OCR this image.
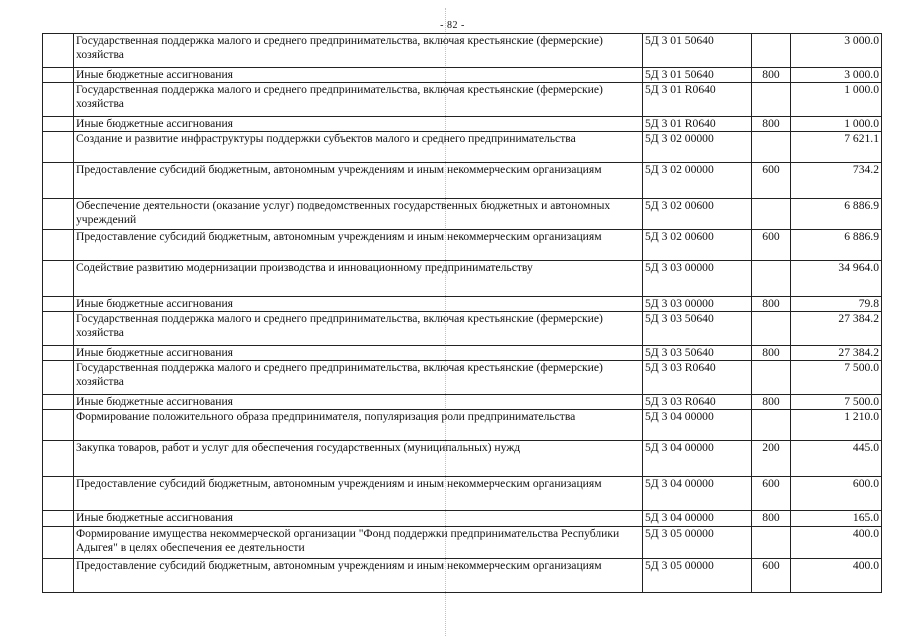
- 82 -
	Государственная поддержка малого и среднего предпринимательства, включая крестьянские (фермерские) хозяйства	5Д 3 01 50640		3 000.0
	Иные бюджетные ассигнования	5Д 3 01 50640	800	3 000.0
	Государственная поддержка малого и среднего предпринимательства, включая крестьянские (фермерские) хозяйства	5Д 3 01 R0640		1 000.0
	Иные бюджетные ассигнования	5Д 3 01 R0640	800	1 000.0
	Создание и развитие инфраструктуры поддержки субъектов малого и среднего предпринимательства	5Д 3 02 00000		7 621.1
	Предоставление субсидий бюджетным, автономным учреждениям и иным некоммерческим организациям	5Д 3 02 00000	600	734.2
	Обеспечение деятельности (оказание услуг) подведомственных государственных бюджетных и автономных учреждений	5Д 3 02 00600		6 886.9
	Предоставление субсидий бюджетным, автономным учреждениям и иным некоммерческим организациям	5Д 3 02 00600	600	6 886.9
	Содействие развитию модернизации производства и инновационному предпринимательству	5Д 3 03 00000		34 964.0
	Иные бюджетные ассигнования	5Д 3 03 00000	800	79.8
	Государственная поддержка малого и среднего предпринимательства, включая крестьянские (фермерские) хозяйства	5Д 3 03 50640		27 384.2
	Иные бюджетные ассигнования	5Д 3 03 50640	800	27 384.2
	Государственная поддержка малого и среднего предпринимательства, включая крестьянские (фермерские) хозяйства	5Д 3 03 R0640		7 500.0
	Иные бюджетные ассигнования	5Д 3 03 R0640	800	7 500.0
	Формирование положительного образа предпринимателя, популяризация роли предпринимательства	5Д 3 04 00000		1 210.0
	Закупка товаров, работ и услуг для обеспечения государственных (муниципальных) нужд	5Д 3 04 00000	200	445.0
	Предоставление субсидий бюджетным, автономным учреждениям и иным некоммерческим организациям	5Д 3 04 00000	600	600.0
	Иные бюджетные ассигнования	5Д 3 04 00000	800	165.0
	Формирование имущества некоммерческой организации "Фонд поддержки предпринимательства Республики Адыгея" в целях обеспечения ее деятельности	5Д 3 05 00000		400.0
	Предоставление субсидий бюджетным, автономным учреждениям и иным некоммерческим организациям	5Д 3 05 00000	600	400.0
